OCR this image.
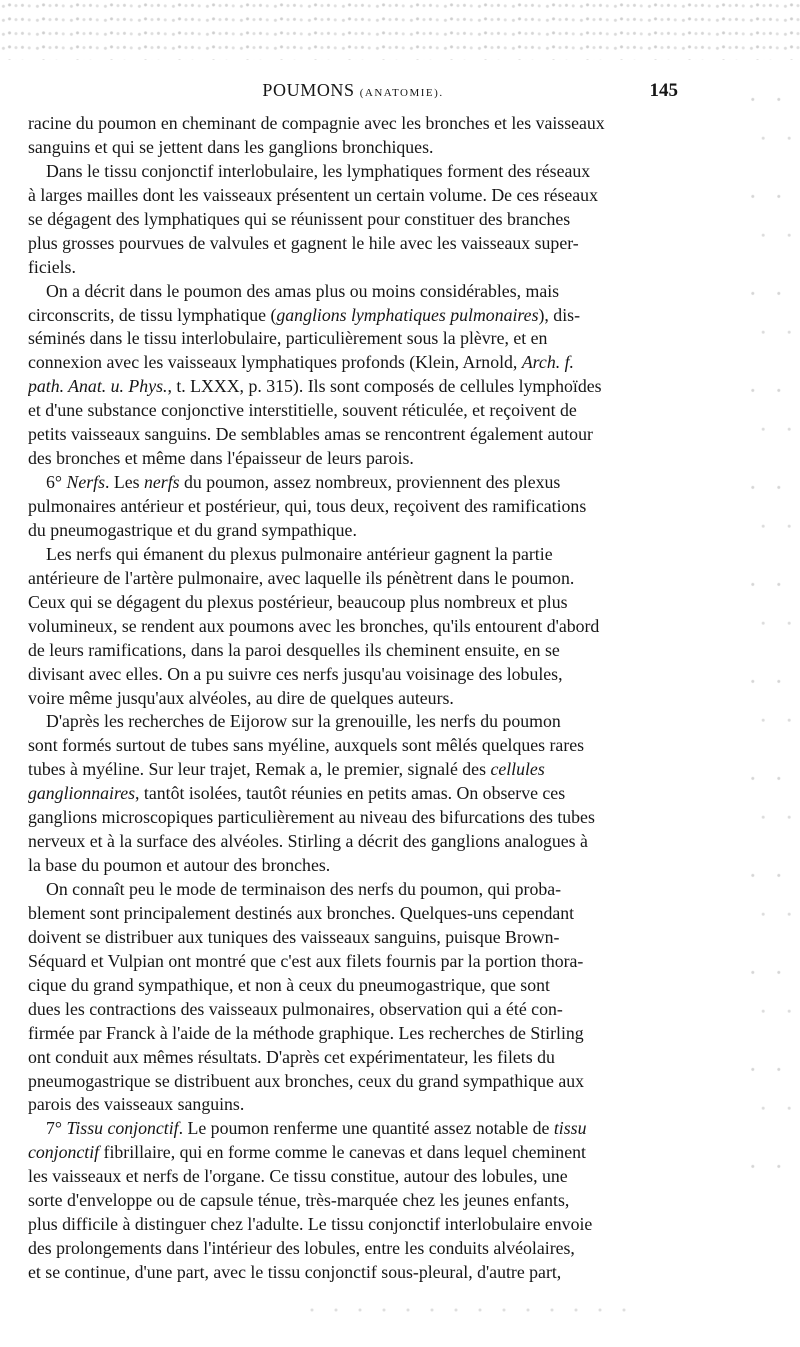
POUMONS (ANATOMIE).	145
racine du poumon en cheminant de compagnie avec les bronches et les vaisseaux
sanguins et qui se jettent dans les ganglions bronchiques.
Dans le tissu conjonctif interlobulaire, les lymphatiques forment des réseaux
à larges mailles dont les vaisseaux présentent un certain volume. De ces réseaux
se dégagent des lymphatiques qui se réunissent pour constituer des branches
plus grosses pourvues de valvules et gagnent le hile avec les vaisseaux super-
ficiels.
On a décrit dans le poumon des amas plus ou moins considérables, mais
circonscrits, de tissu lymphatique (ganglions lymphatiques pulmonaires), dis-
séminés dans le tissu interlobulaire, particulièrement sous la plèvre, et en
connexion avec les vaisseaux lymphatiques profonds (Klein, Arnold, Arch. f.
path. Anat. u. Phys., t. LXXX, p. 315). Ils sont composés de cellules lymphoïdes
et d'une substance conjonctive interstitielle, souvent réticulée, et reçoivent de
petits vaisseaux sanguins. De semblables amas se rencontrent également autour
des bronches et même dans l'épaisseur de leurs parois.
6° Nerfs. Les nerfs du poumon, assez nombreux, proviennent des plexus
pulmonaires antérieur et postérieur, qui, tous deux, reçoivent des ramifications
du pneumogastrique et du grand sympathique.
Les nerfs qui émanent du plexus pulmonaire antérieur gagnent la partie
antérieure de l'artère pulmonaire, avec laquelle ils pénètrent dans le poumon.
Ceux qui se dégagent du plexus postérieur, beaucoup plus nombreux et plus
volumineux, se rendent aux poumons avec les bronches, qu'ils entourent d'abord
de leurs ramifications, dans la paroi desquelles ils cheminent ensuite, en se
divisant avec elles. On a pu suivre ces nerfs jusqu'au voisinage des lobules,
voire même jusqu'aux alvéoles, au dire de quelques auteurs.
D'après les recherches de Eijorow sur la grenouille, les nerfs du poumon
sont formés surtout de tubes sans myéline, auxquels sont mêlés quelques rares
tubes à myéline. Sur leur trajet, Remak a, le premier, signalé des cellules
ganglionnaires, tantôt isolées, tautôt réunies en petits amas. On observe ces
ganglions microscopiques particulièrement au niveau des bifurcations des tubes
nerveux et à la surface des alvéoles. Stirling a décrit des ganglions analogues à
la base du poumon et autour des bronches.
On connaît peu le mode de terminaison des nerfs du poumon, qui proba-
blement sont principalement destinés aux bronches. Quelques-uns cependant
doivent se distribuer aux tuniques des vaisseaux sanguins, puisque Brown-
Séquard et Vulpian ont montré que c'est aux filets fournis par la portion thora-
cique du grand sympathique, et non à ceux du pneumogastrique, que sont
dues les contractions des vaisseaux pulmonaires, observation qui a été con-
firmée par Franck à l'aide de la méthode graphique. Les recherches de Stirling
ont conduit aux mêmes résultats. D'après cet expérimentateur, les filets du
pneumogastrique se distribuent aux bronches, ceux du grand sympathique aux
parois des vaisseaux sanguins.
7° Tissu conjonctif. Le poumon renferme une quantité assez notable de tissu
conjonctif fibrillaire, qui en forme comme le canevas et dans lequel cheminent
les vaisseaux et nerfs de l'organe. Ce tissu constitue, autour des lobules, une
sorte d'enveloppe ou de capsule ténue, très-marquée chez les jeunes enfants,
plus difficile à distinguer chez l'adulte. Le tissu conjonctif interlobulaire envoie
des prolongements dans l'intérieur des lobules, entre les conduits alvéolaires,
et se continue, d'une part, avec le tissu conjonctif sous-pleural, d'autre part,
